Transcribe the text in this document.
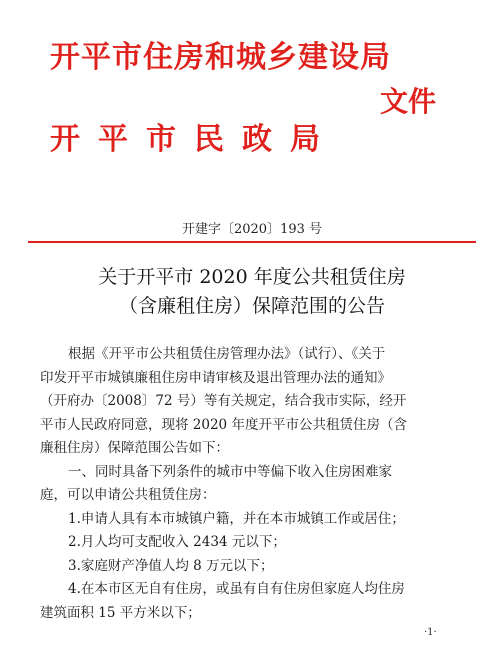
开平市住房和城乡建设局
文件
开平市民政局
开建字〔2020〕193 号
关于开平市 2020 年度公共租赁住房
（含廉租住房）保障范围的公告
根据《开平市公共租赁住房管理办法》（试行）、《关于
印发开平市城镇廉租住房申请审核及退出管理办法的通知》
（开府办〔2008〕72 号）等有关规定，结合我市实际，经开
平市人民政府同意，现将 2020 年度开平市公共租赁住房（含
廉租住房）保障范围公告如下：
一、同时具备下列条件的城市中等偏下收入住房困难家
庭，可以申请公共租赁住房：
1.申请人具有本市城镇户籍，并在本市城镇工作或居住；
2.月人均可支配收入 2434 元以下；
3.家庭财产净值人均 8 万元以下；
4.在本市区无自有住房，或虽有自有住房但家庭人均住房
建筑面积 15 平方米以下；
·1·
